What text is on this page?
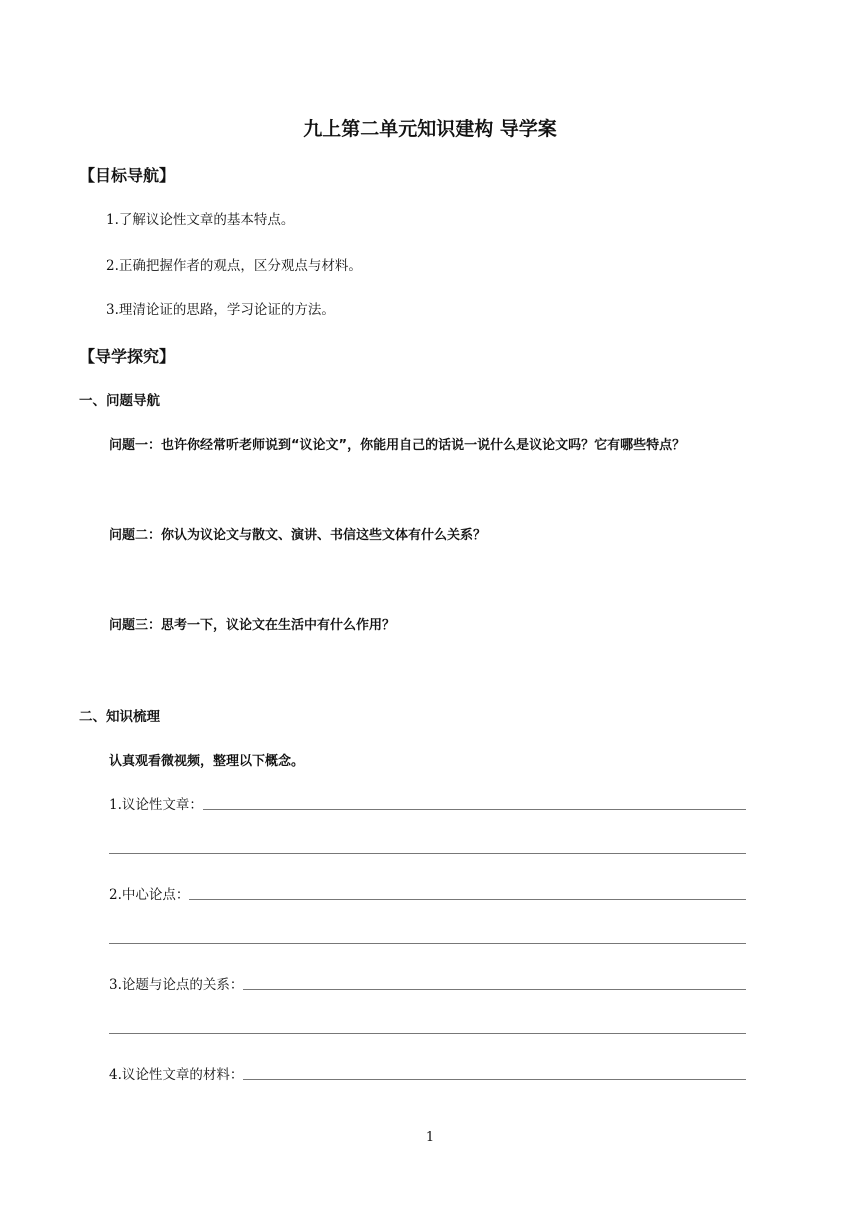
九上第二单元知识建构 导学案
【目标导航】
1.了解议论性文章的基本特点。
2.正确把握作者的观点，区分观点与材料。
3.理清论证的思路，学习论证的方法。
【导学探究】
一、问题导航
问题一：也许你经常听老师说到“议论文”，你能用自己的话说一说什么是议论文吗？它有哪些特点？
问题二：你认为议论文与散文、演讲、书信这些文体有什么关系？
问题三：思考一下，议论文在生活中有什么作用？
二、知识梳理
认真观看微视频，整理以下概念。
1.议论性文章：
2.中心论点：
3.论题与论点的关系：
4.议论性文章的材料：
1
